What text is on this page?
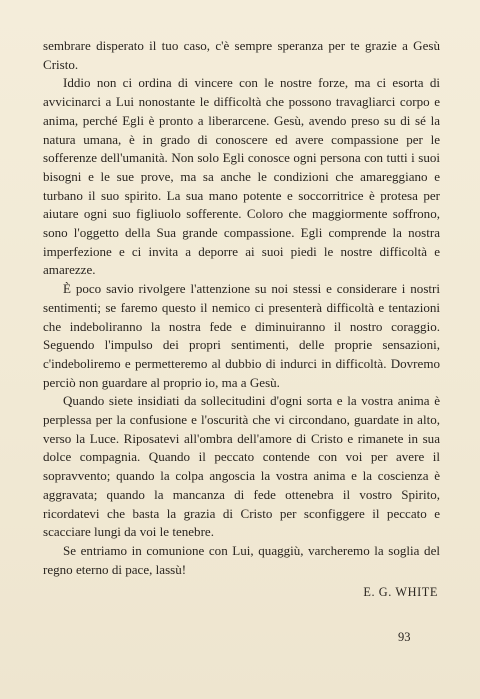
sembrare disperato il tuo caso, c'è sempre speranza per te grazie a Gesù Cristo.

Iddio non ci ordina di vincere con le nostre forze, ma ci esorta di avvicinarci a Lui nonostante le difficoltà che possono travagliarci corpo e anima, perché Egli è pronto a liberarcene. Gesù, avendo preso su di sé la natura umana, è in grado di conoscere ed avere compassione per le sofferenze dell'umanità. Non solo Egli conosce ogni persona con tutti i suoi bisogni e le sue prove, ma sa anche le condizioni che amareggiano e turbano il suo spirito. La sua mano potente e soccorritrice è protesa per aiutare ogni suo figliuolo sofferente. Coloro che maggiormente soffrono, sono l'oggetto della Sua grande compassione. Egli comprende la nostra imperfezione e ci invita a deporre ai suoi piedi le nostre difficoltà e amarezze.

È poco savio rivolgere l'attenzione su noi stessi e considerare i nostri sentimenti; se faremo questo il nemico ci presenterà difficoltà e tentazioni che indeboliranno la nostra fede e diminuiranno il nostro coraggio. Seguendo l'impulso dei propri sentimenti, delle proprie sensazioni, c'indeboliremo e permetteremo al dubbio di indurci in difficoltà. Dovremo perciò non guardare al proprio io, ma a Gesù.

Quando siete insidiati da sollecitudini d'ogni sorta e la vostra anima è perplessa per la confusione e l'oscurità che vi circondano, guardate in alto, verso la Luce. Riposatevi all'ombra dell'amore di Cristo e rimanete in sua dolce compagnia. Quando il peccato contende con voi per avere il sopravvento; quando la colpa angoscia la vostra anima e la coscienza è aggravata; quando la mancanza di fede ottenebra il vostro Spirito, ricordatevi che basta la grazia di Cristo per sconfiggere il peccato e scacciare lungi da voi le tenebre.

Se entriamo in comunione con Lui, quaggiù, varcheremo la soglia del regno eterno di pace, lassù!

E. G. WHITE

93
